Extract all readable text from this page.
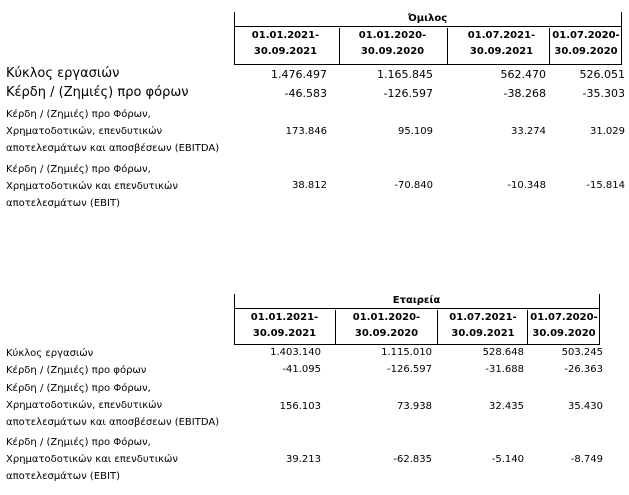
Όμιλος
01.01.2021-
30.09.2021
01.01.2020-
30.09.2020
01.07.2021-
30.09.2021
01.07.2020-
30.09.2020
Κύκλος εργασιών	1.476.497	1.165.845	562.470	526.051
Κέρδη / (Ζημιές) προ φόρων	-46.583	-126.597	-38.268	-35.303
Κέρδη / (Ζημιές) προ Φόρων,
Χρηματοδοτικών, επενδυτικών
αποτελεσμάτων και αποσβέσεων (EBITDA)
173.846	95.109	33.274	31.029
Κέρδη / (Ζημιές) προ Φόρων,
Χρηματοδοτικών και επενδυτικών
αποτελεσμάτων (EBIT)
38.812	-70.840	-10.348	-15.814
Εταιρεία
01.01.2021-
30.09.2021
01.01.2020-
30.09.2020
01.07.2021-
30.09.2021
01.07.2020-
30.09.2020
Κύκλος εργασιών	1.403.140	1.115.010	528.648	503.245
Κέρδη / (Ζημιές) προ φόρων	-41.095	-126.597	-31.688	-26.363
Κέρδη / (Ζημιές) προ Φόρων,
Χρηματοδοτικών, επενδυτικών
αποτελεσμάτων και αποσβέσεων (EBITDA)
156.103	73.938	32.435	35.430
Κέρδη / (Ζημιές) προ Φόρων,
Χρηματοδοτικών και επενδυτικών
αποτελεσμάτων (EBIT)
39.213	-62.835	-5.140	-8.749
